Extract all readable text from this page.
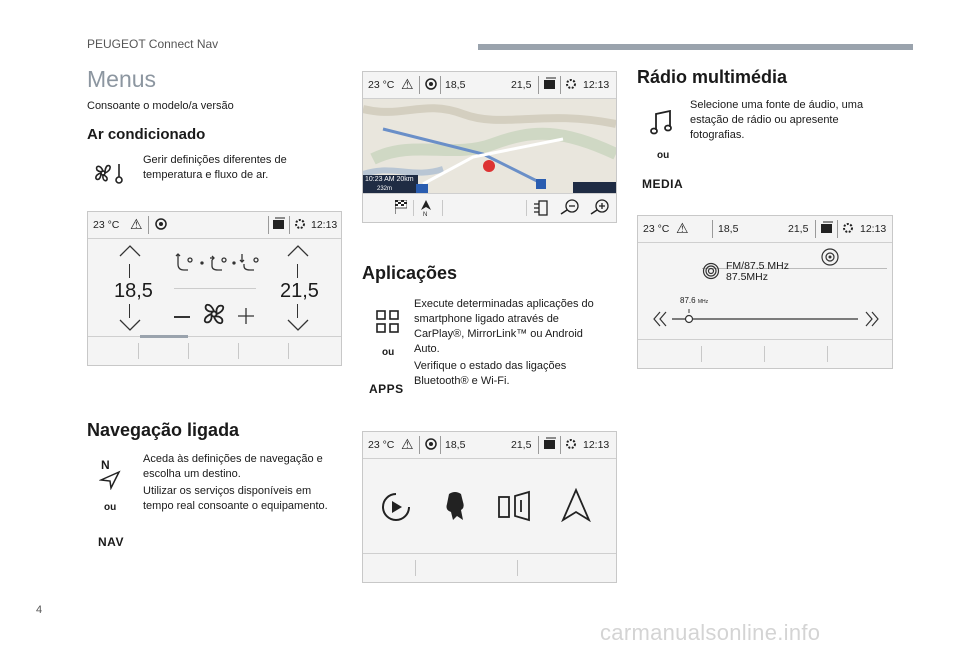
PEUGEOT Connect Nav
Menus
Consoante o modelo/a versão
Ar condicionado
Gerir definições diferentes de temperatura e fluxo de ar.
23 °C ⚠	12:13
18,5	21,5
Navegação ligada
N
ou
NAV
Aceda às definições de navegação e escolha um destino.
Utilizar os serviços disponíveis em tempo real consoante o equipamento.
23 °C ⚠	18,5	21,5	12:13
10:23 AM 20km
232m
N
Aplicações
ou
APPS
Execute determinadas aplicações do smartphone ligado através de CarPlay®, MirrorLink™ ou Android Auto.
Verifique o estado das ligações Bluetooth® e Wi-Fi.
23 °C ⚠	18,5	21,5	12:13
Rádio multimédia
ou
MEDIA
Selecione uma fonte de áudio, uma estação de rádio ou apresente fotografias.
23 °C ⚠	18,5	21,5	12:13
FM/87.5 MHz
87.5MHz
87.6 MHz
4
carmanualsonline.info
